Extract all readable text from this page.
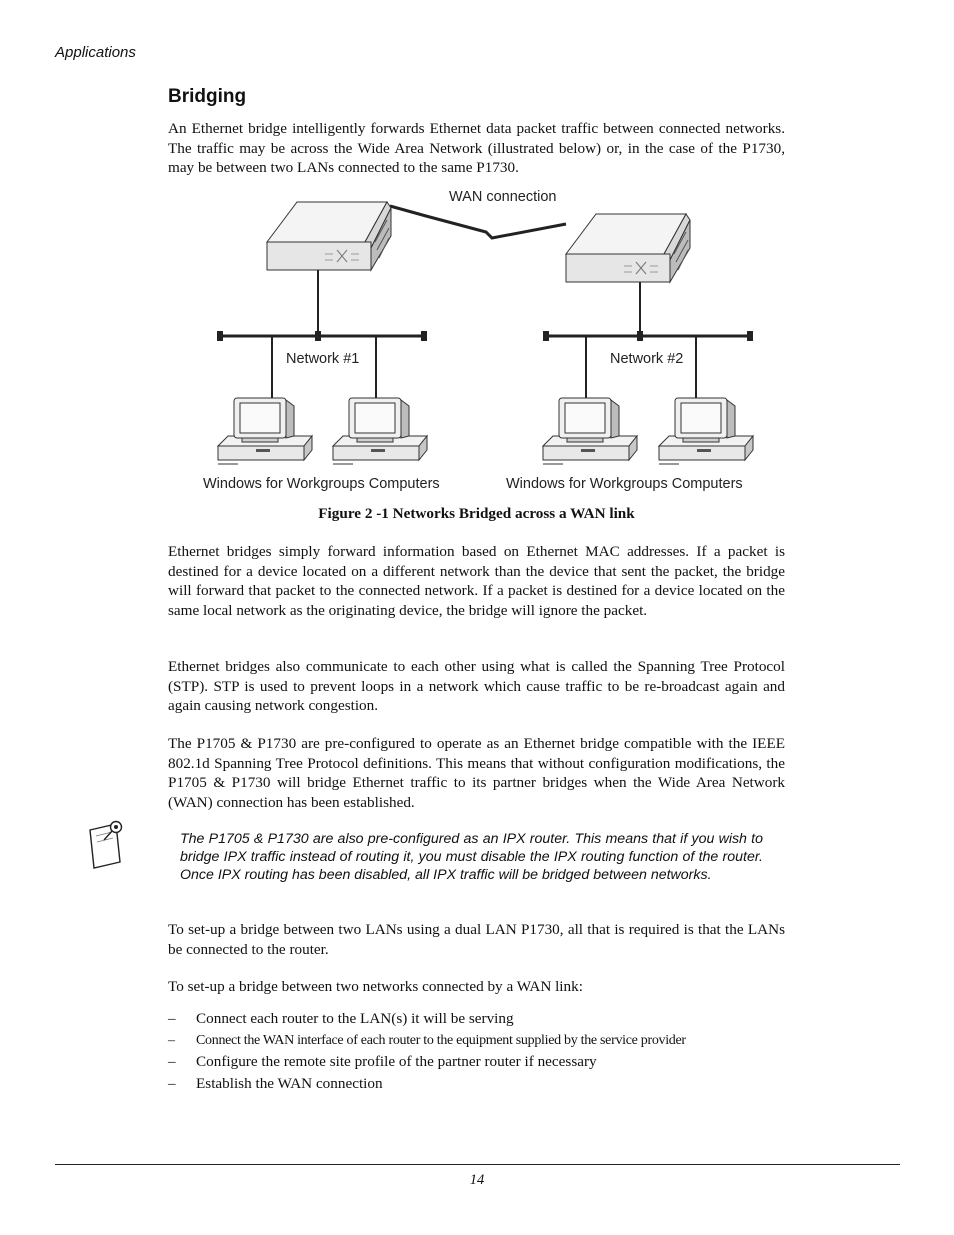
Applications
Bridging

An Ethernet bridge intelligently forwards Ethernet data packet traffic between connected networks. The traffic may be across the Wide Area Network (illustrated below) or, in the case of the P1730, may be between two LANs connected to the same P1730.

WAN connection
Network #1	Network #2
Windows for Workgroups Computers	Windows for Workgroups Computers
Figure 2 -1 Networks Bridged across a WAN link

Ethernet bridges simply forward information based on Ethernet MAC addresses. If a packet is destined for a device located on a different network than the device that sent the packet, the bridge will forward that packet to the connected network. If a packet is destined for a device located on the same local network as the originating device, the bridge will ignore the packet.

Ethernet bridges also communicate to each other using what is called the Spanning Tree Protocol (STP). STP is used to prevent loops in a network which cause traffic to be re-broadcast again and again causing network congestion.

The P1705 & P1730 are pre-configured to operate as an Ethernet bridge compatible with the IEEE 802.1d Spanning Tree Protocol definitions. This means that without configuration modifications, the P1705 & P1730 will bridge Ethernet traffic to its partner bridges when the Wide Area Network (WAN) connection has been established.

The P1705 & P1730 are also pre-configured as an IPX router. This means that if you wish to bridge IPX traffic instead of routing it, you must disable the IPX routing function of the router. Once IPX routing has been disabled, all IPX traffic will be bridged between networks.

To set-up a bridge between two LANs using a dual LAN P1730, all that is required is that the LANs be connected to the router.

To set-up a bridge between two networks connected by a WAN link:

– Connect each router to the LAN(s) it will be serving
– Connect the WAN interface of each router to the equipment supplied by the service provider
– Configure the remote site profile of the partner router if necessary
– Establish the WAN connection
14
